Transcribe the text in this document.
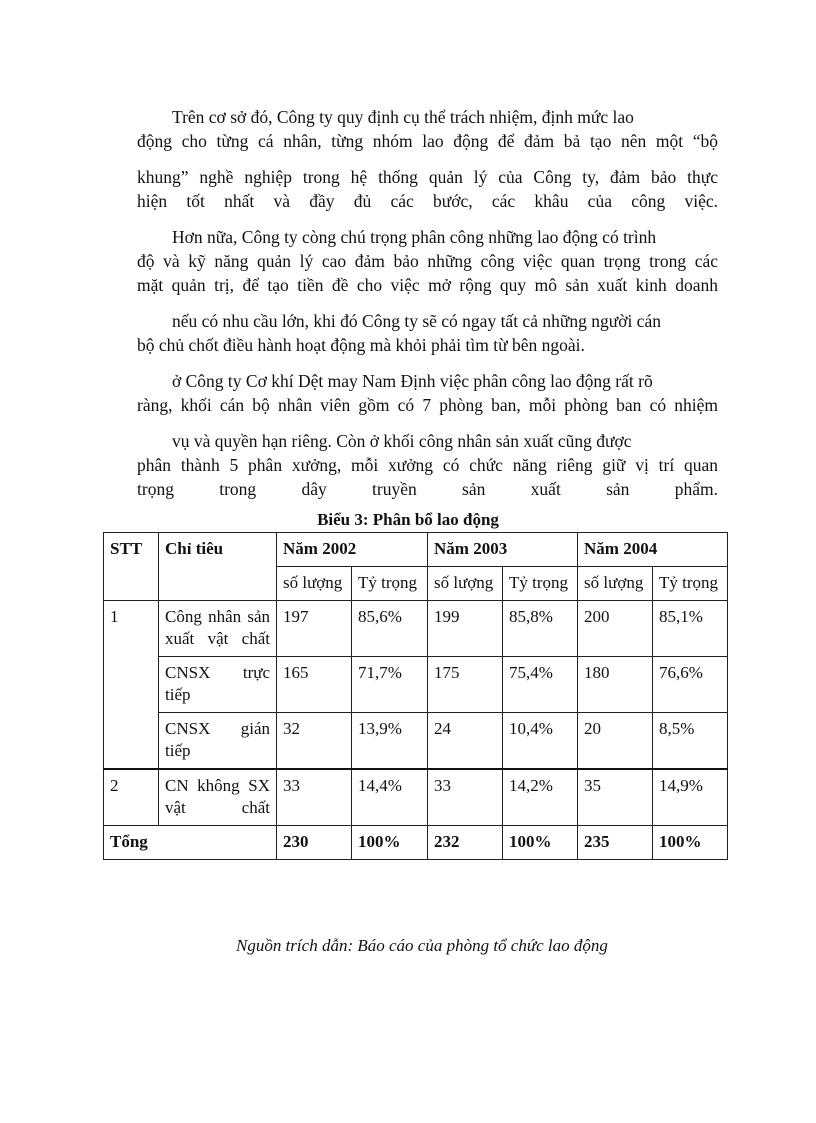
Trên cơ sở đó, Công ty quy định cụ thể trách nhiệm, định mức lao
động cho từng cá nhân, từng nhóm lao động để đảm bả tạo nên một “bộ
khung” nghề nghiệp trong hệ thống quản lý của Công ty, đảm bảo thực
hiện tốt nhất và đầy đủ các bước, các khâu của công việc.
Hơn nữa, Công ty còng chú trọng phân công những lao động có trình
độ và kỹ năng quản lý cao đảm bảo những công việc quan trọng trong các
mặt quản trị, để tạo tiền đề cho việc mở rộng quy mô sản xuất kinh doanh
nếu có nhu cầu lớn, khi đó Công ty sẽ có ngay tất cả những người cán
bộ chủ chốt điều hành hoạt động mà khỏi phải tìm từ bên ngoài.
ở Công ty Cơ khí Dệt may Nam Định việc phân công lao động rất rõ
ràng, khối cán bộ nhân viên gồm có 7 phòng ban, mỗi phòng ban có nhiệm
vụ và quyền hạn riêng. Còn ở khối công nhân sản xuất cũng được
phân thành 5 phân xưởng, mỗi xưởng có chức năng riêng giữ vị trí quan
trọng trong dây truyền sản xuất sản phẩm.
Biểu 3: Phân bổ lao động
STT	Chỉ tiêu	Năm 2002		Năm 2003		Năm 2004	
		số lượng	Tỷ trọng	số lượng	Tỷ trọng	số lượng	Tỷ trọng
1	Công nhân sản xuất vật chất	197	85,6%	199	85,8%	200	85,1%
	CNSX trực tiếp	165	71,7%	175	75,4%	180	76,6%
	CNSX gián tiếp	32	13,9%	24	10,4%	20	8,5%
2	CN không SX vật chất	33	14,4%	33	14,2%	35	14,9%
Tổng		230	100%	232	100%	235	100%
Nguồn trích dẫn: Báo cáo của phòng tổ chức lao động
